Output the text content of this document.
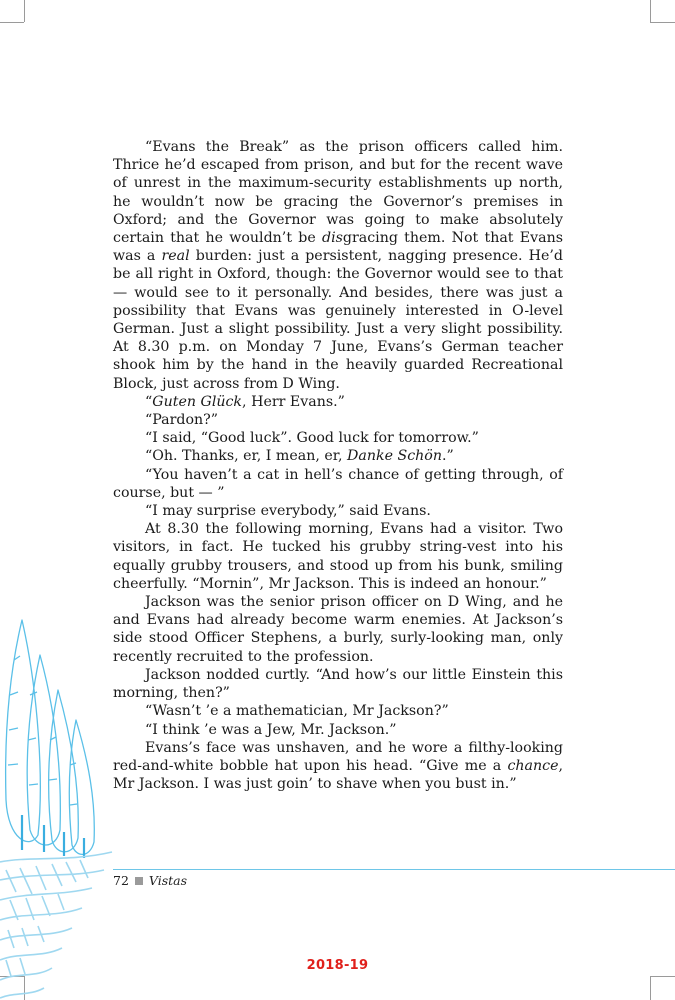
“Evans the Break” as the prison officers called him. Thrice he’d escaped from prison, and but for the recent wave of unrest in the maximum-security establishments up north, he wouldn’t now be gracing the Governor’s premises in Oxford; and the Governor was going to make absolutely certain that he wouldn’t be disgracing them. Not that Evans was a real burden: just a persistent, nagging presence. He’d be all right in Oxford, though: the Governor would see to that — would see to it personally. And besides, there was just a possibility that Evans was genuinely interested in O-level German. Just a slight possibility. Just a very slight possibility. At 8.30 p.m. on Monday 7 June, Evans’s German teacher shook him by the hand in the heavily guarded Recreational Block, just across from D Wing.

“Guten Glück, Herr Evans.”

“Pardon?”

“I said, “Good luck”. Good luck for tomorrow.”

“Oh. Thanks, er, I mean, er, Danke Schön.”

“You haven’t a cat in hell’s chance of getting through, of course, but — ”

“I may surprise everybody,” said Evans.

At 8.30 the following morning, Evans had a visitor. Two visitors, in fact. He tucked his grubby string-vest into his equally grubby trousers, and stood up from his bunk, smiling cheerfully. “Mornin”, Mr Jackson. This is indeed an honour.”

Jackson was the senior prison officer on D Wing, and he and Evans had already become warm enemies. At Jackson’s side stood Officer Stephens, a burly, surly-looking man, only recently recruited to the profession.

Jackson nodded curtly. “And how’s our little Einstein this morning, then?”

“Wasn’t ’e a mathematician, Mr Jackson?”

“I think ’e was a Jew, Mr. Jackson.”

Evans’s face was unshaven, and he wore a filthy-looking red-and-white bobble hat upon his head. “Give me a chance, Mr Jackson. I was just goin’ to shave when you bust in.”

72 Vistas
2018-19
